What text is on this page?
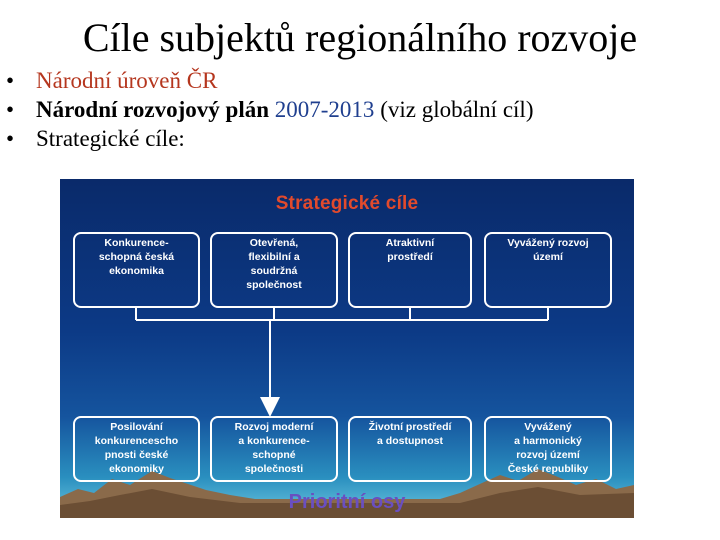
Cíle subjektů regionálního rozvoje
• Národní úroveň ČR
• Národní rozvojový plán 2007-2013 (viz globální cíl)
• Strategické cíle:
Strategické cíle
Konkurence-
schopná česká
ekonomika
Otevřená,
flexibilní a
soudržná
společnost
Atraktivní
prostředí
Vyvážený rozvoj
území
Posilování
konkurencescho
pnosti české
ekonomiky
Rozvoj moderní
a konkurence-
schopné
společnosti
Životní prostředí
a dostupnost
Vyvážený
a harmonický
rozvoj území
České republiky
Prioritní osy
